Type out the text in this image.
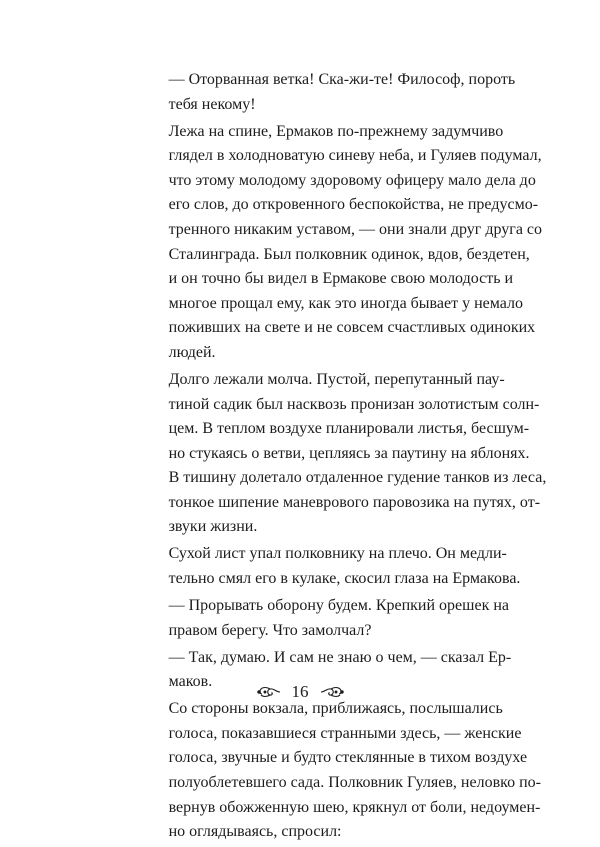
— Оторванная ветка! Ска-жи-те! Философ, пороть
тебя некому!

Лежа на спине, Ермаков по-прежнему задумчиво
глядел в холодноватую синеву неба, и Гуляев подумал,
что этому молодому здоровому офицеру мало дела до
его слов, до откровенного беспокойства, не предусмо-
тренного никаким уставом, — они знали друг друга со
Сталинграда. Был полковник одинок, вдов, бездетен,
и он точно бы видел в Ермакове свою молодость и
многое прощал ему, как это иногда бывает у немало
поживших на свете и не совсем счастливых одиноких
людей.

Долго лежали молча. Пустой, перепутанный пау-
тиной садик был насквозь пронизан золотистым солн-
цем. В теплом воздухе планировали листья, бесшум-
но стукаясь о ветви, цепляясь за паутину на яблонях.
В тишину долетало отдаленное гудение танков из леса,
тонкое шипение маневрового паровозика на путях, от-
звуки жизни.

Сухой лист упал полковнику на плечо. Он медли-
тельно смял его в кулаке, скосил глаза на Ермакова.

— Прорывать оборону будем. Крепкий орешек на
правом берегу. Что замолчал?

— Так, думаю. И сам не знаю о чем, — сказал Ер-
маков.

Со стороны вокзала, приближаясь, послышались
голоса, показавшиеся странными здесь, — женские
голоса, звучные и будто стеклянные в тихом воздухе
полуоблетевшего сада. Полковник Гуляев, неловко по-
вернув обожженную шею, крякнул от боли, недоумен-
но оглядываясь, спросил:

16
